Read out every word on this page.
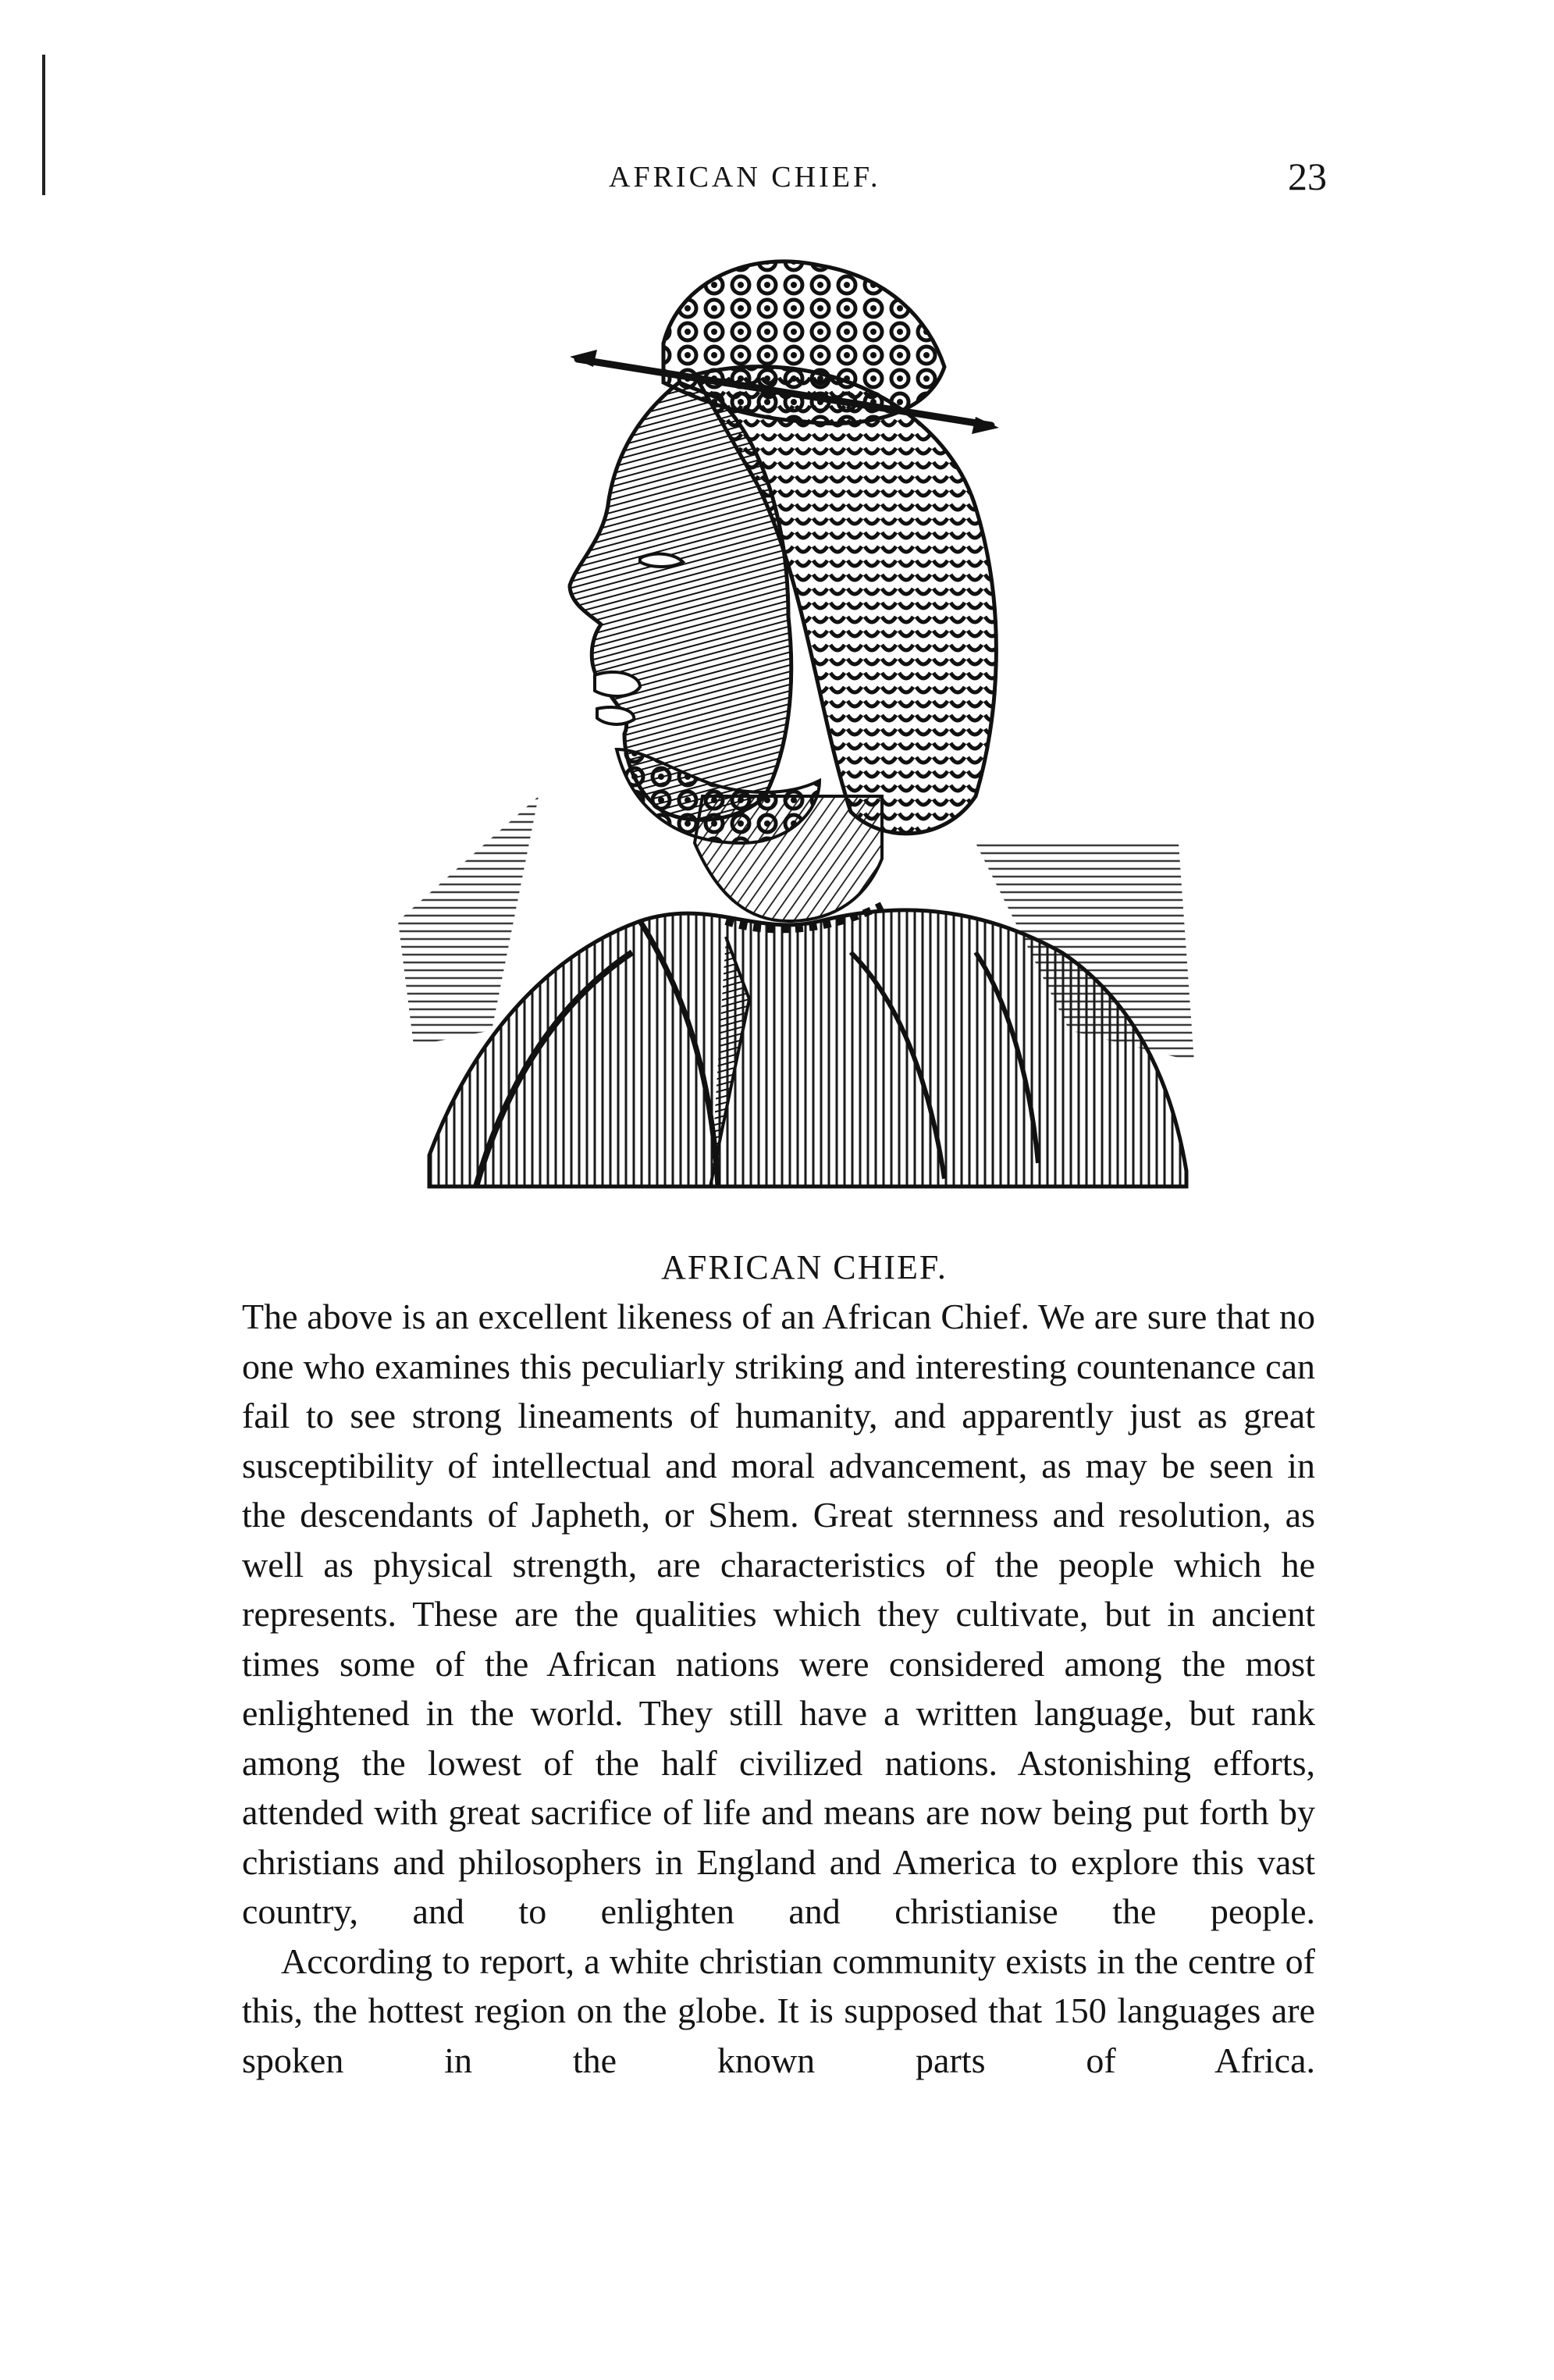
AFRICAN CHIEF.	23
AFRICAN CHIEF.

The above is an excellent likeness of an African Chief. We are sure that no one who examines this peculiarly striking and interesting countenance can fail to see strong lineaments of humanity, and apparently just as great susceptibility of intellectual and moral advancement, as may be seen in the descendants of Japheth, or Shem. Great sternness and resolution, as well as physical strength, are characteristics of the people which he represents. These are the qualities which they cultivate, but in ancient times some of the African nations were considered among the most enlightened in the world. They still have a written language, but rank among the lowest of the half civilized nations. Astonishing efforts, attended with great sacrifice of life and means are now being put forth by christians and philosophers in England and America to explore this vast country, and to enlighten and christianise the people.

According to report, a white christian community exists in the centre of this, the hottest region on the globe. It is supposed that 150 languages are spoken in the known parts of Africa.
